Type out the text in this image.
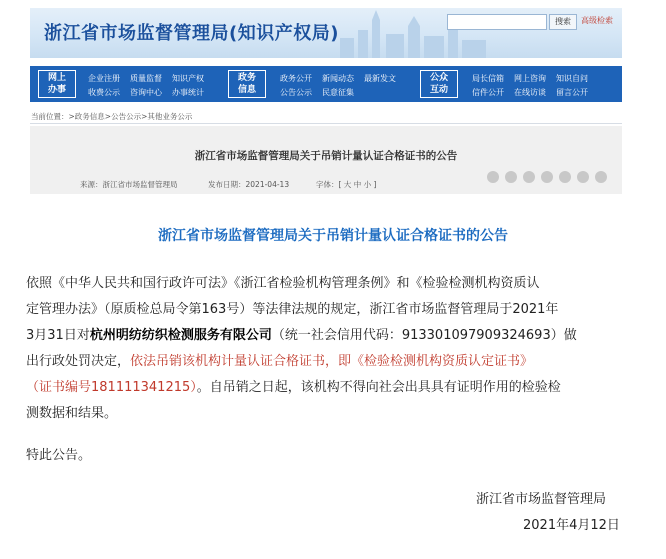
浙江省市场监督管理局(知识产权局)
搜索	高级检索
网上
办事
企业注册 质量监督 知识产权
收费公示 咨询中心 办事统计
政务
信息
政务公开 新闻动态 最新发文
公告公示 民意征集
公众
互动
局长信箱 网上咨询 知识自问
信件公开 在线访谈 留言公开
当前位置：>政务信息>公告公示>其他业务公示
浙江省市场监督管理局关于吊销计量认证合格证书的公告
来源：浙江省市场监督管理局	发布日期：2021-04-13	字体：[ 大 中 小 ]
浙江省市场监督管理局关于吊销计量认证合格证书的公告
依照《中华人民共和国行政许可法》《浙江省检验机构管理条例》和《检验检测机构资质认
定管理办法》（原质检总局令第163号）等法律法规的规定，浙江省市场监督管理局于2021年
3月31日对杭州明纺纺织检测服务有限公司（统一社会信用代码：913301097909324693）做
出行政处罚决定，依法吊销该机构计量认证合格证书，即《检验检测机构资质认定证书》
（证书编号181111341215）。自吊销之日起，该机构不得向社会出具具有证明作用的检验检
测数据和结果。
特此公告。
浙江省市场监督管理局
2021年4月12日
